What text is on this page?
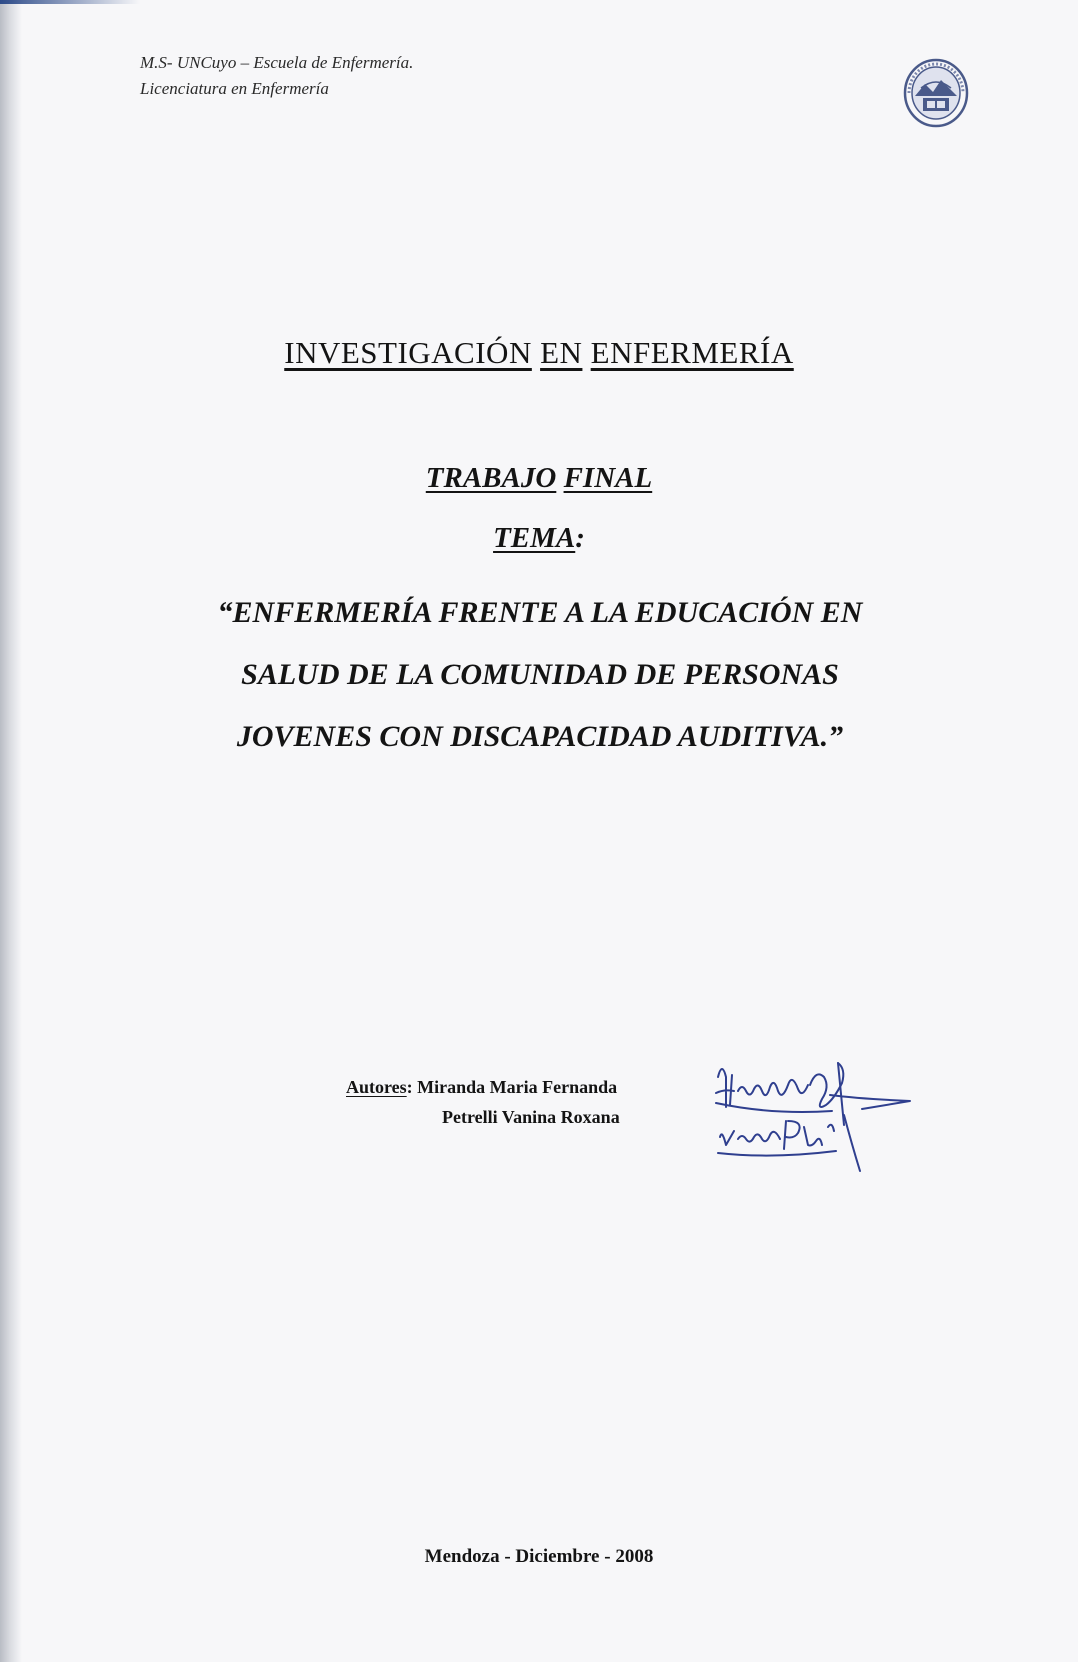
M.S- UNCuyo – Escuela de Enfermería.
Licenciatura en Enfermería
INVESTIGACIÓN EN ENFERMERÍA
TRABAJO FINAL
TEMA:
“ENFERMERÍA FRENTE A LA EDUCACIÓN EN
SALUD DE LA COMUNIDAD DE PERSONAS
JOVENES CON DISCAPACIDAD AUDITIVA.”
Autores: Miranda Maria Fernanda
Petrelli Vanina Roxana
Mendoza - Diciembre - 2008
